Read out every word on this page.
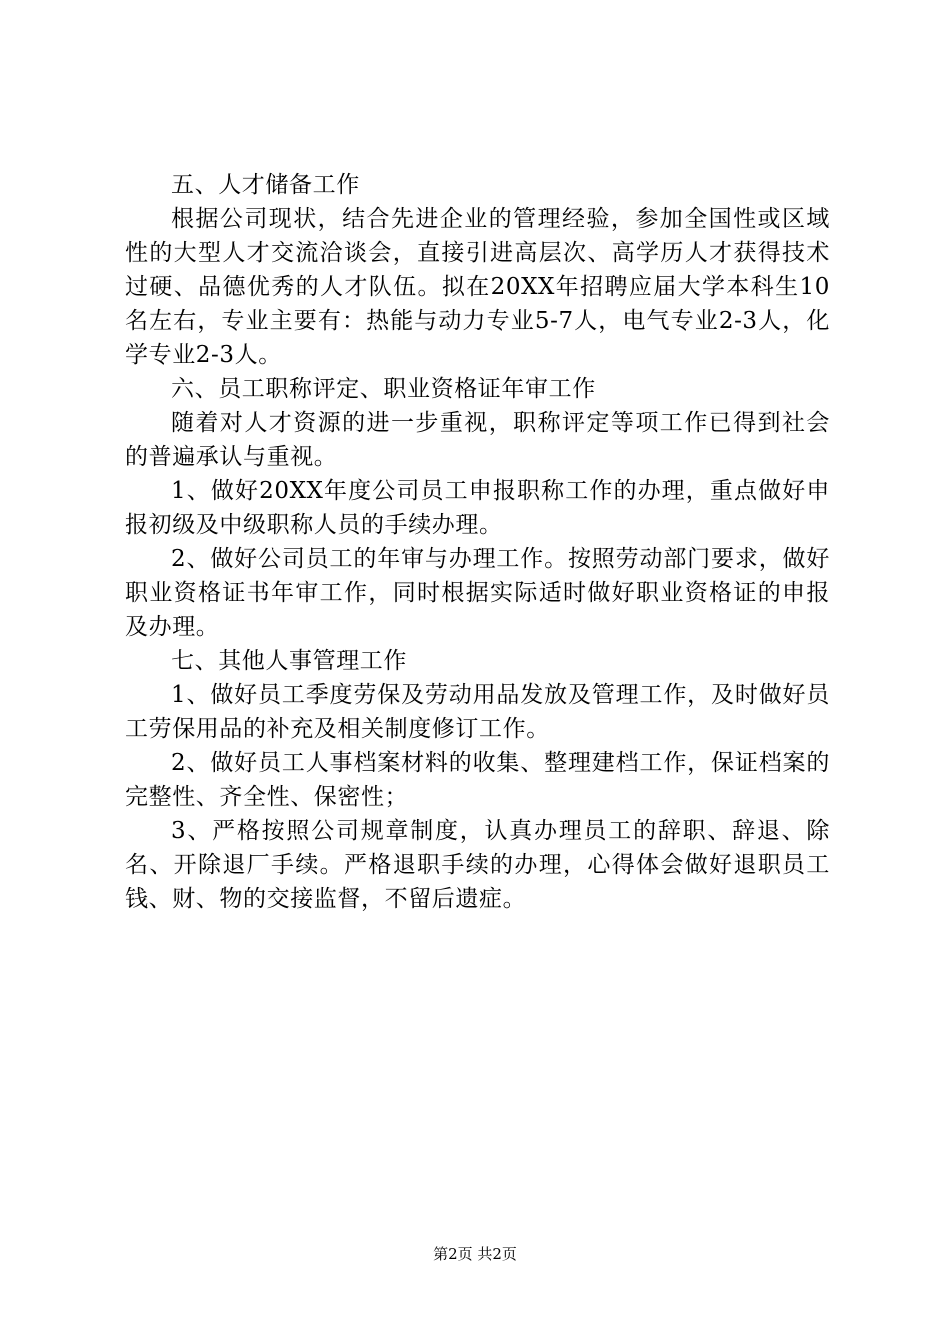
五、人才储备工作

根据公司现状，结合先进企业的管理经验，参加全国性或区域性的大型人才交流洽谈会，直接引进高层次、高学历人才获得技术过硬、品德优秀的人才队伍。拟在20XX年招聘应届大学本科生10名左右，专业主要有：热能与动力专业5-7人，电气专业2-3人，化学专业2-3人。

六、员工职称评定、职业资格证年审工作

随着对人才资源的进一步重视，职称评定等项工作已得到社会的普遍承认与重视。

1、做好20XX年度公司员工申报职称工作的办理，重点做好申报初级及中级职称人员的手续办理。

2、做好公司员工的年审与办理工作。按照劳动部门要求，做好职业资格证书年审工作，同时根据实际适时做好职业资格证的申报及办理。

七、其他人事管理工作

1、做好员工季度劳保及劳动用品发放及管理工作，及时做好员工劳保用品的补充及相关制度修订工作。

2、做好员工人事档案材料的收集、整理建档工作，保证档案的完整性、齐全性、保密性；

3、严格按照公司规章制度，认真办理员工的辞职、辞退、除名、开除退厂手续。严格退职手续的办理，心得体会做好退职员工钱、财、物的交接监督，不留后遗症。

第2页 共2页
